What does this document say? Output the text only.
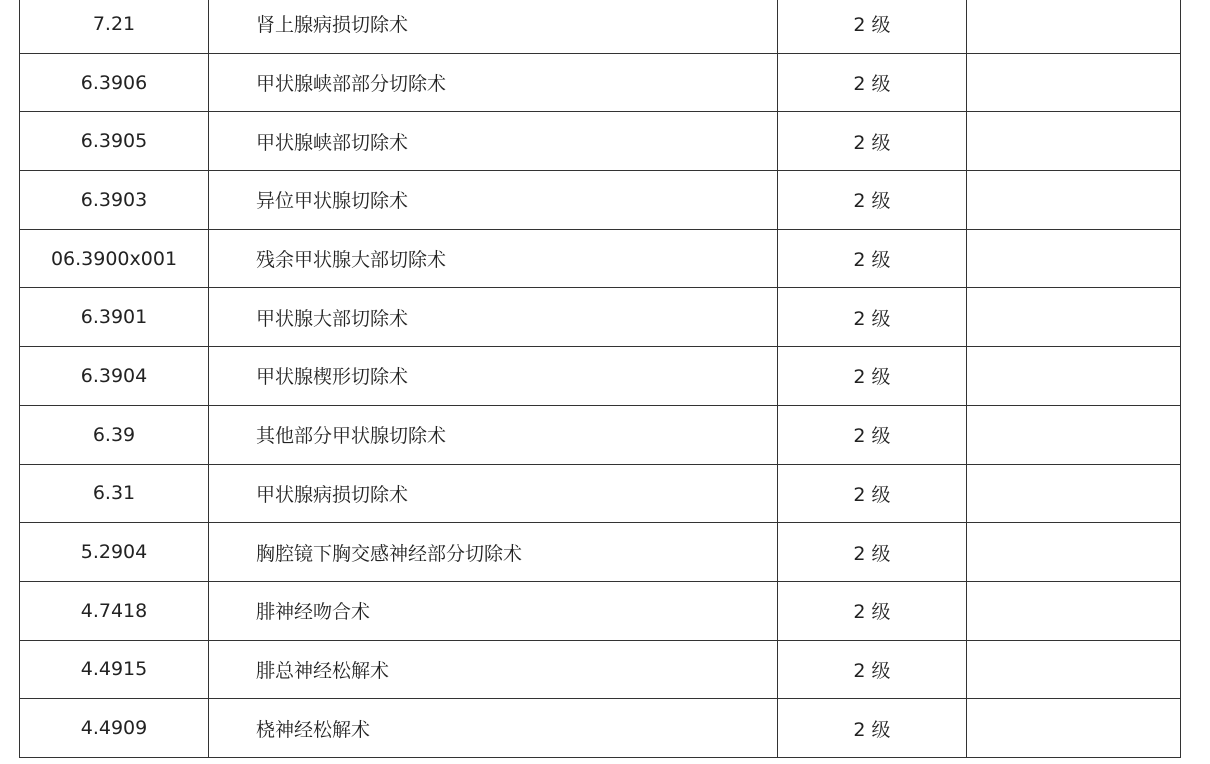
7.21	肾上腺病损切除术	2 级	
6.3906	甲状腺峡部部分切除术	2 级	
6.3905	甲状腺峡部切除术	2 级	
6.3903	异位甲状腺切除术	2 级	
06.3900x001	残余甲状腺大部切除术	2 级	
6.3901	甲状腺大部切除术	2 级	
6.3904	甲状腺楔形切除术	2 级	
6.39	其他部分甲状腺切除术	2 级	
6.31	甲状腺病损切除术	2 级	
5.2904	胸腔镜下胸交感神经部分切除术	2 级	
4.7418	腓神经吻合术	2 级	
4.4915	腓总神经松解术	2 级	
4.4909	桡神经松解术	2 级	
